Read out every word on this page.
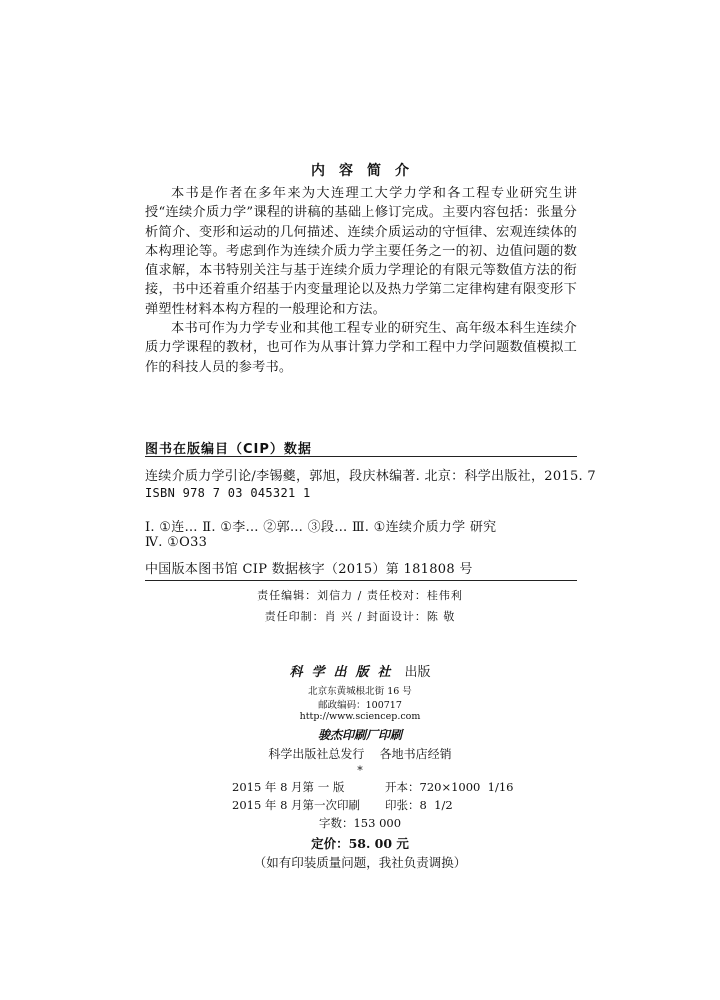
内容简介

本书是作者在多年来为大连理工大学力学和各工程专业研究生讲授“连续介质力学”课程的讲稿的基础上修订完成。主要内容包括：张量分析简介、变形和运动的几何描述、连续介质运动的守恒律、宏观连续体的本构理论等。考虑到作为连续介质力学主要任务之一的初、边值问题的数值求解，本书特别关注与基于连续介质力学理论的有限元等数值方法的衔接，书中还着重介绍基于内变量理论以及热力学第二定律构建有限变形下弹塑性材料本构方程的一般理论和方法。

本书可作为力学专业和其他工程专业的研究生、高年级本科生连续介质力学课程的教材，也可作为从事计算力学和工程中力学问题数值模拟工作的科技人员的参考书。

图书在版编目（CIP）数据
连续介质力学引论/李锡夔，郭旭，段庆林编著. 北京：科学出版社，2015. 7
ISBN 978 7 03 045321 1
Ⅰ. ①连… Ⅱ. ①李… ②郭… ③段… Ⅲ. ①连续介质力学 研究
Ⅳ. ①O33
中国版本图书馆 CIP 数据核字（2015）第 181808 号
责任编辑：刘信力 / 责任校对：桂伟利
责任印制：肖 兴 / 封面设计：陈 敬
科学出版社 出版
北京东黄城根北街 16 号
邮政编码：100717
http://www.sciencep.com
骏杰印刷厂印刷
科学出版社总发行    各地书店经销
*
2015 年 8 月第 一 版	开本：720×1000  1/16
2015 年 8 月第一次印刷 印张：8  1/2
字数：153 000
定价：58. 00 元
（如有印装质量问题，我社负责调换）
